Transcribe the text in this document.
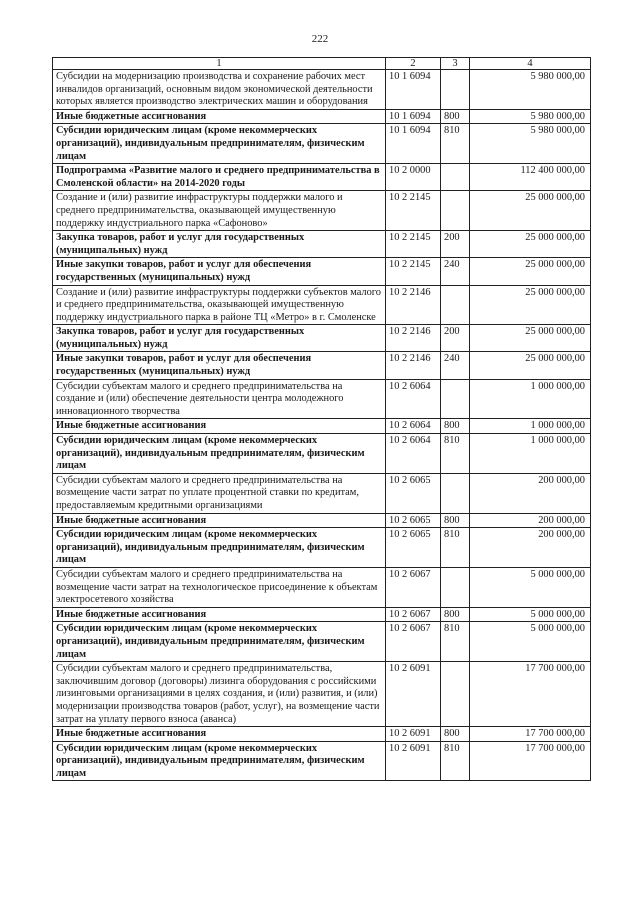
222
1	2	3	4
Субсидии на модернизацию производства и сохранение рабочих мест инвалидов организаций, основным видом экономической деятельности которых является производство электрических машин и оборудования	10 1 6094		5 980 000,00
Иные бюджетные ассигнования	10 1 6094	800	5 980 000,00
Субсидии юридическим лицам (кроме некоммерческих организаций), индивидуальным предпринимателям, физическим лицам	10 1 6094	810	5 980 000,00
Подпрограмма «Развитие малого и среднего предпринимательства в Смоленской области» на 2014-2020 годы	10 2 0000		112 400 000,00
Создание и (или) развитие инфраструктуры поддержки малого и среднего предпринимательства, оказывающей имущественную поддержку индустриального парка «Сафоново»	10 2 2145		25 000 000,00
Закупка товаров, работ и услуг для государственных (муниципальных) нужд	10 2 2145	200	25 000 000,00
Иные закупки товаров, работ и услуг для обеспечения государственных (муниципальных) нужд	10 2 2145	240	25 000 000,00
Создание и (или) развитие инфраструктуры поддержки субъектов малого и среднего предпринимательства, оказывающей имущественную поддержку индустриального парка в районе ТЦ «Метро» в г. Смоленске	10 2 2146		25 000 000,00
Закупка товаров, работ и услуг для государственных (муниципальных) нужд	10 2 2146	200	25 000 000,00
Иные закупки товаров, работ и услуг для обеспечения государственных (муниципальных) нужд	10 2 2146	240	25 000 000,00
Субсидии субъектам малого и среднего предпринимательства на создание и (или) обеспечение деятельности центра молодежного инновационного творчества	10 2 6064		1 000 000,00
Иные бюджетные ассигнования	10 2 6064	800	1 000 000,00
Субсидии юридическим лицам (кроме некоммерческих организаций), индивидуальным предпринимателям, физическим лицам	10 2 6064	810	1 000 000,00
Субсидии субъектам малого и среднего предпринимательства на возмещение части затрат по уплате процентной ставки по кредитам, предоставляемым кредитными организациями	10 2 6065		200 000,00
Иные бюджетные ассигнования	10 2 6065	800	200 000,00
Субсидии юридическим лицам (кроме некоммерческих организаций), индивидуальным предпринимателям, физическим лицам	10 2 6065	810	200 000,00
Субсидии субъектам малого и среднего предпринимательства на возмещение части затрат на технологическое присоединение к объектам электросетевого хозяйства	10 2 6067		5 000 000,00
Иные бюджетные ассигнования	10 2 6067	800	5 000 000,00
Субсидии юридическим лицам (кроме некоммерческих организаций), индивидуальным предпринимателям, физическим лицам	10 2 6067	810	5 000 000,00
Субсидии субъектам малого и среднего предпринимательства, заключившим договор (договоры) лизинга оборудования с российскими лизинговыми организациями в целях создания, и (или) развития, и (или) модернизации производства товаров (работ, услуг), на возмещение части затрат на уплату первого взноса (аванса)	10 2 6091		17 700 000,00
Иные бюджетные ассигнования	10 2 6091	800	17 700 000,00
Субсидии юридическим лицам (кроме некоммерческих организаций), индивидуальным предпринимателям, физическим лицам	10 2 6091	810	17 700 000,00
